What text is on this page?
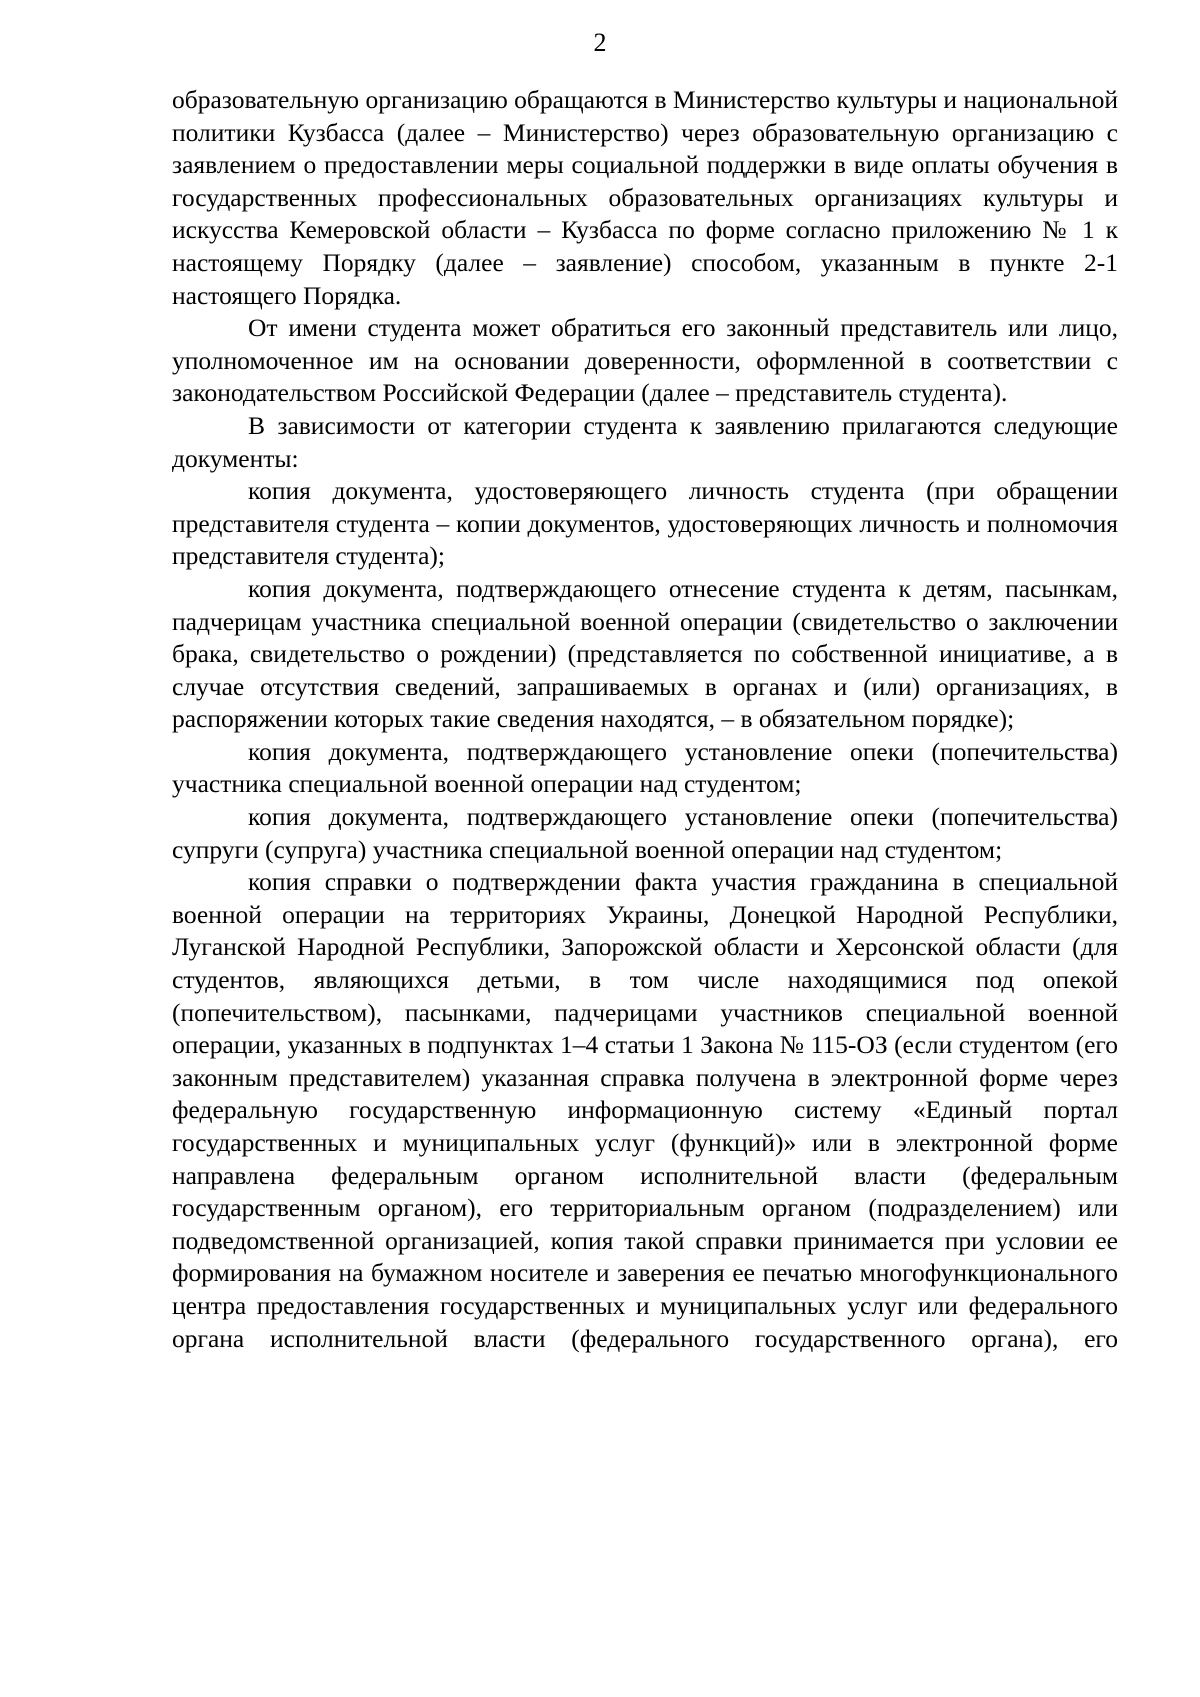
2

образовательную организацию обращаются в Министерство культуры и национальной политики Кузбасса (далее – Министерство) через образовательную организацию с заявлением о предоставлении меры социальной поддержки в виде оплаты обучения в государственных профессиональных образовательных организациях культуры и искусства Кемеровской области – Кузбасса по форме согласно приложению № 1 к настоящему Порядку (далее – заявление) способом, указанным в пункте 2-1 настоящего Порядка.

От имени студента может обратиться его законный представитель или лицо, уполномоченное им на основании доверенности, оформленной в соответствии с законодательством Российской Федерации (далее – представитель студента).

В зависимости от категории студента к заявлению прилагаются следующие документы:

копия документа, удостоверяющего личность студента (при обращении представителя студента – копии документов, удостоверяющих личность и полномочия представителя студента);

копия документа, подтверждающего отнесение студента к детям, пасынкам, падчерицам участника специальной военной операции (свидетельство о заключении брака, свидетельство о рождении) (представляется по собственной инициативе, а в случае отсутствия сведений, запрашиваемых в органах и (или) организациях, в распоряжении которых такие сведения находятся, – в обязательном порядке);

копия документа, подтверждающего установление опеки (попечительства) участника специальной военной операции над студентом;

копия документа, подтверждающего установление опеки (попечительства) супруги (супруга) участника специальной военной операции над студентом;

копия справки о подтверждении факта участия гражданина в специальной военной операции на территориях Украины, Донецкой Народной Республики, Луганской Народной Республики, Запорожской области и Херсонской области (для студентов, являющихся детьми, в том числе находящимися под опекой (попечительством), пасынками, падчерицами участников специальной военной операции, указанных в подпунктах 1–4 статьи 1 Закона № 115-ОЗ (если студентом (его законным представителем) указанная справка получена в электронной форме через федеральную государственную информационную систему «Единый портал государственных и муниципальных услуг (функций)» или в электронной форме направлена федеральным органом исполнительной власти (федеральным государственным органом), его территориальным органом (подразделением) или подведомственной организацией, копия такой справки принимается при условии ее формирования на бумажном носителе и заверения ее печатью многофункционального центра предоставления государственных и муниципальных услуг или федерального органа исполнительной власти (федерального государственного органа), его
